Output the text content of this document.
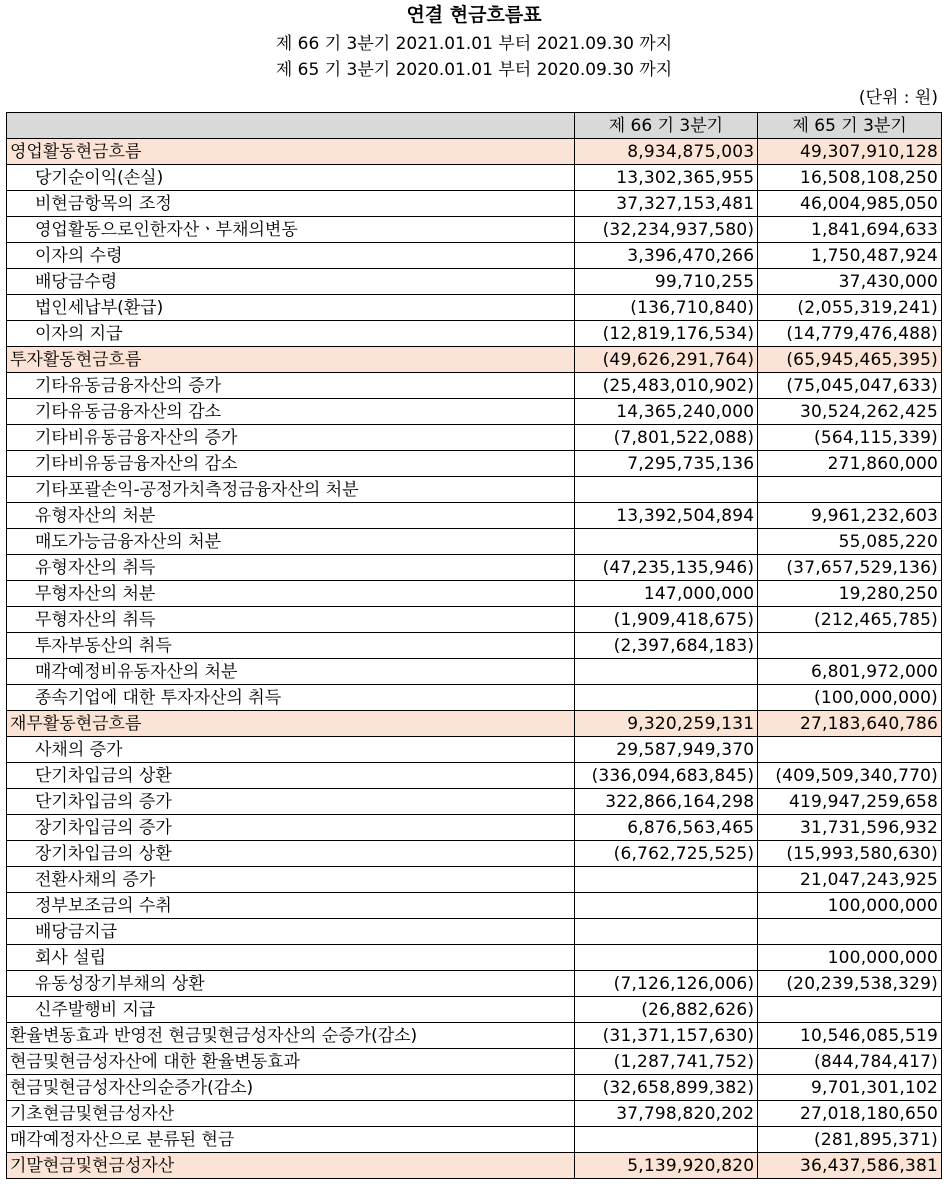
연결 현금흐름표
제 66 기 3분기 2021.01.01 부터 2021.09.30 까지
제 65 기 3분기 2020.01.01 부터 2020.09.30 까지
(단위 : 원)
	제 66 기 3분기	제 65 기 3분기
영업활동현금흐름	8,934,875,003	49,307,910,128
당기순이익(손실)	13,302,365,955	16,508,108,250
비현금항목의 조정	37,327,153,481	46,004,985,050
영업활동으로인한자산ㆍ부채의변동	(32,234,937,580)	1,841,694,633
이자의 수령	3,396,470,266	1,750,487,924
배당금수령	99,710,255	37,430,000
법인세납부(환급)	(136,710,840)	(2,055,319,241)
이자의 지급	(12,819,176,534)	(14,779,476,488)
투자활동현금흐름	(49,626,291,764)	(65,945,465,395)
기타유동금융자산의 증가	(25,483,010,902)	(75,045,047,633)
기타유동금융자산의 감소	14,365,240,000	30,524,262,425
기타비유동금융자산의 증가	(7,801,522,088)	(564,115,339)
기타비유동금융자산의 감소	7,295,735,136	271,860,000
기타포괄손익-공정가치측정금융자산의 처분		
유형자산의 처분	13,392,504,894	9,961,232,603
매도가능금융자산의 처분		55,085,220
유형자산의 취득	(47,235,135,946)	(37,657,529,136)
무형자산의 처분	147,000,000	19,280,250
무형자산의 취득	(1,909,418,675)	(212,465,785)
투자부동산의 취득	(2,397,684,183)	
매각예정비유동자산의 처분		6,801,972,000
종속기업에 대한 투자자산의 취득		(100,000,000)
재무활동현금흐름	9,320,259,131	27,183,640,786
사채의 증가	29,587,949,370	
단기차입금의 상환	(336,094,683,845)	(409,509,340,770)
단기차입금의 증가	322,866,164,298	419,947,259,658
장기차입금의 증가	6,876,563,465	31,731,596,932
장기차입금의 상환	(6,762,725,525)	(15,993,580,630)
전환사채의 증가		21,047,243,925
정부보조금의 수취		100,000,000
배당금지급		
회사 설립		100,000,000
유동성장기부채의 상환	(7,126,126,006)	(20,239,538,329)
신주발행비 지급	(26,882,626)	
환율변동효과 반영전 현금및현금성자산의 순증가(감소)	(31,371,157,630)	10,546,085,519
현금및현금성자산에 대한 환율변동효과	(1,287,741,752)	(844,784,417)
현금및현금성자산의순증가(감소)	(32,658,899,382)	9,701,301,102
기초현금및현금성자산	37,798,820,202	27,018,180,650
매각예정자산으로 분류된 현금		(281,895,371)
기말현금및현금성자산	5,139,920,820	36,437,586,381
